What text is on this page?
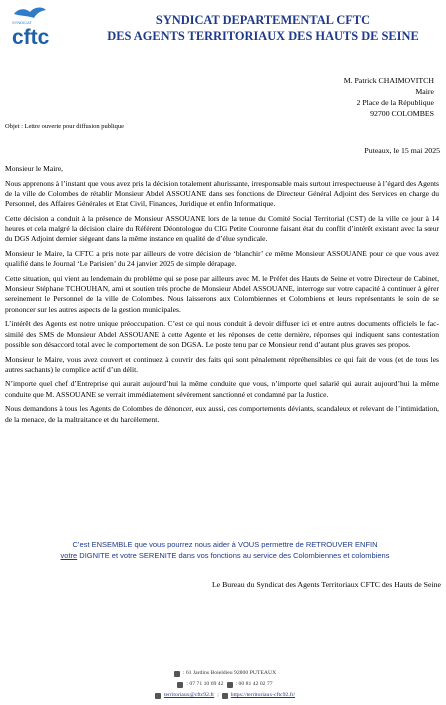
SYNDICAT
cftc
SYNDICAT DEPARTEMENTAL CFTC
DES AGENTS TERRITORIAUX DES HAUTS DE SEINE
M. Patrick CHAIMOVITCH
Maire
2 Place de la République
92700 COLOMBES
Objet : Lettre ouverte pour diffusion publique
Puteaux, le 15 mai 2025

Monsieur le Maire,

Nous apprenons à l’instant que vous avez pris la décision totalement ahurissante, irresponsable mais surtout irrespectueuse à l’égard des Agents de la ville de Colombes de rétablir Monsieur Abdel ASSOUANE dans ses fonctions de Directeur Général Adjoint des Services en charge du Personnel, des Affaires Générales et Etat Civil, Finances, Juridique et enfin Informatique.

Cette décision a conduit à la présence de Monsieur ASSOUANE lors de la tenue du Comité Social Territorial (CST) de la ville ce jour à 14 heures et cela malgré la décision claire du Référent Déontologue du CIG Petite Couronne faisant état du conflit d’intérêt existant avec la sœur du DGS Adjoint dernier siégeant dans la même instance en qualité de d’élue syndicale.

Monsieur le Maire, la CFTC a pris note par ailleurs de votre décision de ‘blanchir’ ce même Monsieur ASSOUANE pour ce que vous avez qualifié dans le Journal ‘Le Parisien’ du 24 janvier 2025 de simple dérapage.

Cette situation, qui vient au lendemain du problème qui se pose par ailleurs avec M. le Préfet des Hauts de Seine et votre Directeur de Cabinet, Monsieur Stéphane TCHOUHAN, ami et soutien très proche de Monsieur Abdel ASSOUANE, interroge sur votre capacité à continuer à gérer sereinement le Personnel de la ville de Colombes. Nous laisserons aux Colombiennes et Colombiens et leurs représentants le soin de se prononcer sur les autres aspects de la gestion municipales.

L’intérêt des Agents est notre unique préoccupation. C’est ce qui nous conduit à devoir diffuser ici et entre autres documents officiels le fac-similé des SMS de Monsieur Abdel ASSOUANE à cette Agente et les réponses de cette dernière, réponses qui indiquent sans contestation possible son désaccord total avec le comportement de son DGSA. Le poste tenu par ce Monsieur rend d’autant plus graves ses propos.

Monsieur le Maire, vous avez couvert et continuez à couvrir des faits qui sont pénalement répréhensibles ce qui fait de vous (et de tous les autres sachants) le complice actif d’un délit.

N’importe quel chef d’Entreprise qui aurait aujourd’hui la même conduite que vous, n’importe quel salarié qui aurait aujourd’hui la même conduite que M. ASSOUANE se verrait immédiatement sévèrement sanctionné et condamné par la Justice.

Nous demandons à tous les Agents de Colombes de dénoncer, eux aussi, ces comportements déviants, scandaleux et relevant de l’intimidation, de la menace, de la maltraitance et du harcèlement.

C’est ENSEMBLE que vous pourrez nous aider à VOUS permettre de RETROUVER ENFIN
votre DIGNITE et votre SERENITE dans vos fonctions au service des Colombiennes et colombiens
Le Bureau du Syndicat des Agents Territoriaux CFTC des Hauts de Seine
: 61 Jardins Boieldieu 92800 PUTEAUX
: 07 71 10 69 42 : 00 81 42 02 77
territoriaux@cftc92.fr ; https://territoriaux-cftc92.fr/
